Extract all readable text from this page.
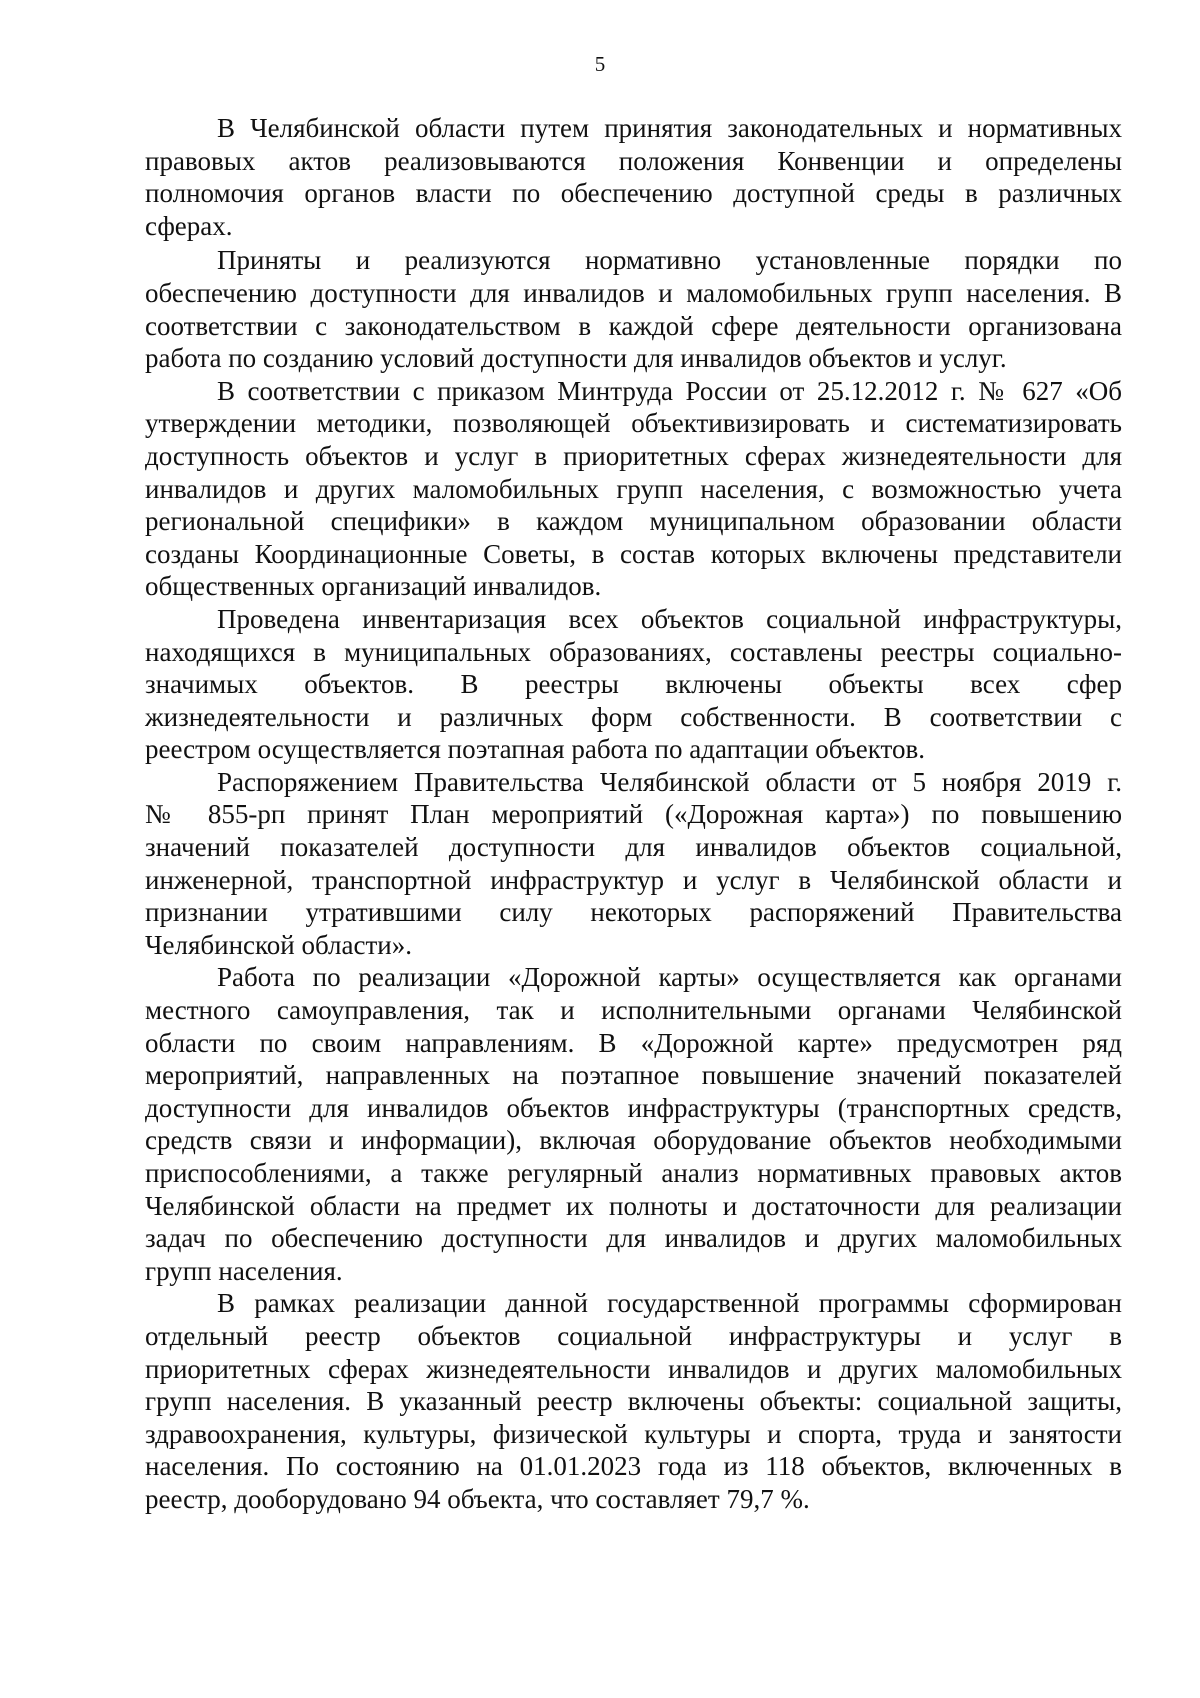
5
В Челябинской области путем принятия законодательных и нормативных
правовых актов реализовываются положения Конвенции и определены
полномочия органов власти по обеспечению доступной среды в различных
сферах.
Приняты и реализуются нормативно установленные порядки по
обеспечению доступности для инвалидов и маломобильных групп населения. В
соответствии с законодательством в каждой сфере деятельности организована
работа по созданию условий доступности для инвалидов объектов и услуг.
В соответствии с приказом Минтруда России от 25.12.2012 г. № 627 «Об
утверждении методики, позволяющей объективизировать и систематизировать
доступность объектов и услуг в приоритетных сферах жизнедеятельности для
инвалидов и других маломобильных групп населения, с возможностью учета
региональной специфики» в каждом муниципальном образовании области
созданы Координационные Советы, в состав которых включены представители
общественных организаций инвалидов.
Проведена инвентаризация всех объектов социальной инфраструктуры,
находящихся в муниципальных образованиях, составлены реестры социально-
значимых объектов. В реестры включены объекты всех сфер
жизнедеятельности и различных форм собственности. В соответствии с
реестром осуществляется поэтапная работа по адаптации объектов.
Распоряжением Правительства Челябинской области от 5 ноября 2019 г.
№ 855-рп принят План мероприятий («Дорожная карта») по повышению
значений показателей доступности для инвалидов объектов социальной,
инженерной, транспортной инфраструктур и услуг в Челябинской области и
признании утратившими силу некоторых распоряжений Правительства
Челябинской области».
Работа по реализации «Дорожной карты» осуществляется как органами
местного самоуправления, так и исполнительными органами Челябинской
области по своим направлениям. В «Дорожной карте» предусмотрен ряд
мероприятий, направленных на поэтапное повышение значений показателей
доступности для инвалидов объектов инфраструктуры (транспортных средств,
средств связи и информации), включая оборудование объектов необходимыми
приспособлениями, а также регулярный анализ нормативных правовых актов
Челябинской области на предмет их полноты и достаточности для реализации
задач по обеспечению доступности для инвалидов и других маломобильных
групп населения.
В рамках реализации данной государственной программы сформирован
отдельный реестр объектов социальной инфраструктуры и услуг в
приоритетных сферах жизнедеятельности инвалидов и других маломобильных
групп населения. В указанный реестр включены объекты: социальной защиты,
здравоохранения, культуры, физической культуры и спорта, труда и занятости
населения. По состоянию на 01.01.2023 года из 118 объектов, включенных в
реестр, дооборудовано 94 объекта, что составляет 79,7 %.
